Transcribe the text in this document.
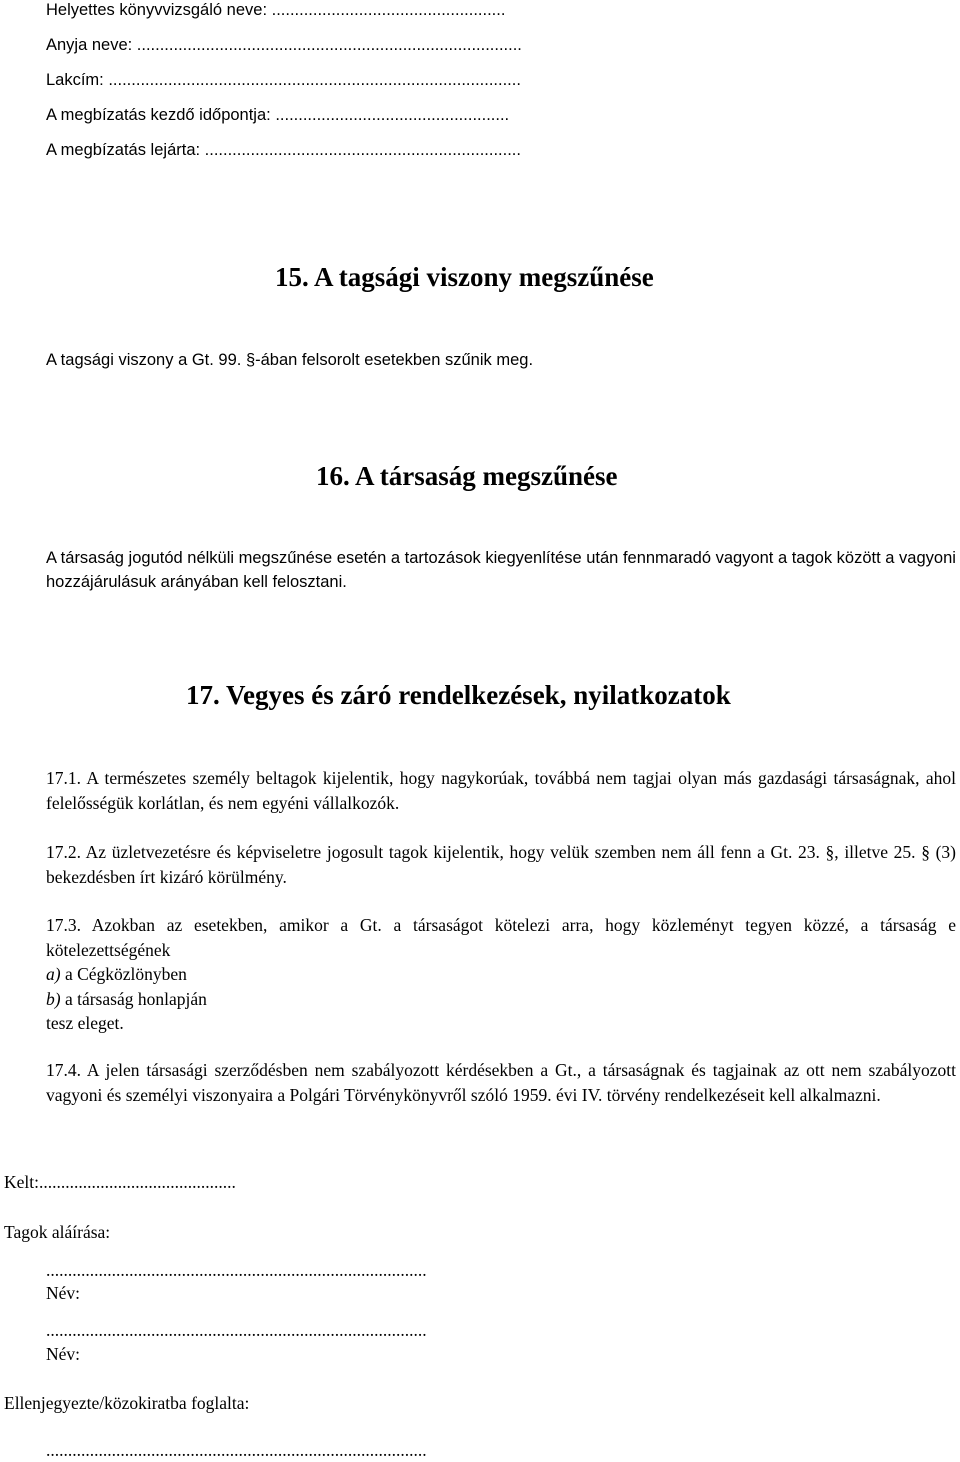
Helyettes könyvvizsgáló neve: ...................................................
Anyja neve: ....................................................................................
Lakcím: ..........................................................................................
A megbízatás kezdő időpontja: ...................................................
A megbízatás lejárta: .....................................................................
15. A tagsági viszony megszűnése
A tagsági viszony a Gt. 99. §-ában felsorolt esetekben szűnik meg.
16. A társaság megszűnése
A társaság jogutód nélküli megszűnése esetén a tartozások kiegyenlítése után fennmaradó vagyont a tagok között a vagyoni hozzájárulásuk arányában kell felosztani.
17. Vegyes és záró rendelkezések, nyilatkozatok
17.1. A természetes személy beltagok kijelentik, hogy nagykorúak, továbbá nem tagjai olyan más gazdasági társaságnak, ahol felelősségük korlátlan, és nem egyéni vállalkozók.
17.2. Az üzletvezetésre és képviseletre jogosult tagok kijelentik, hogy velük szemben nem áll fenn a Gt. 23. §, illetve 25. § (3) bekezdésben írt kizáró körülmény.
17.3. Azokban az esetekben, amikor a Gt. a társaságot kötelezi arra, hogy közleményt tegyen közzé, a társaság e kötelezettségének
a) a Cégközlönyben
b) a társaság honlapján
tesz eleget.
17.4. A jelen társasági szerződésben nem szabályozott kérdésekben a Gt., a társaságnak és tagjainak az ott nem szabályozott vagyoni és személyi viszonyaira a Polgári Törvénykönyvről szóló 1959. évi IV. törvény rendelkezéseit kell alkalmazni.
Kelt:.............................................
Tagok aláírása:
.......................................................................................
Név:
.......................................................................................
Név:
Ellenjegyezte/közokiratba foglalta:
.......................................................................................
